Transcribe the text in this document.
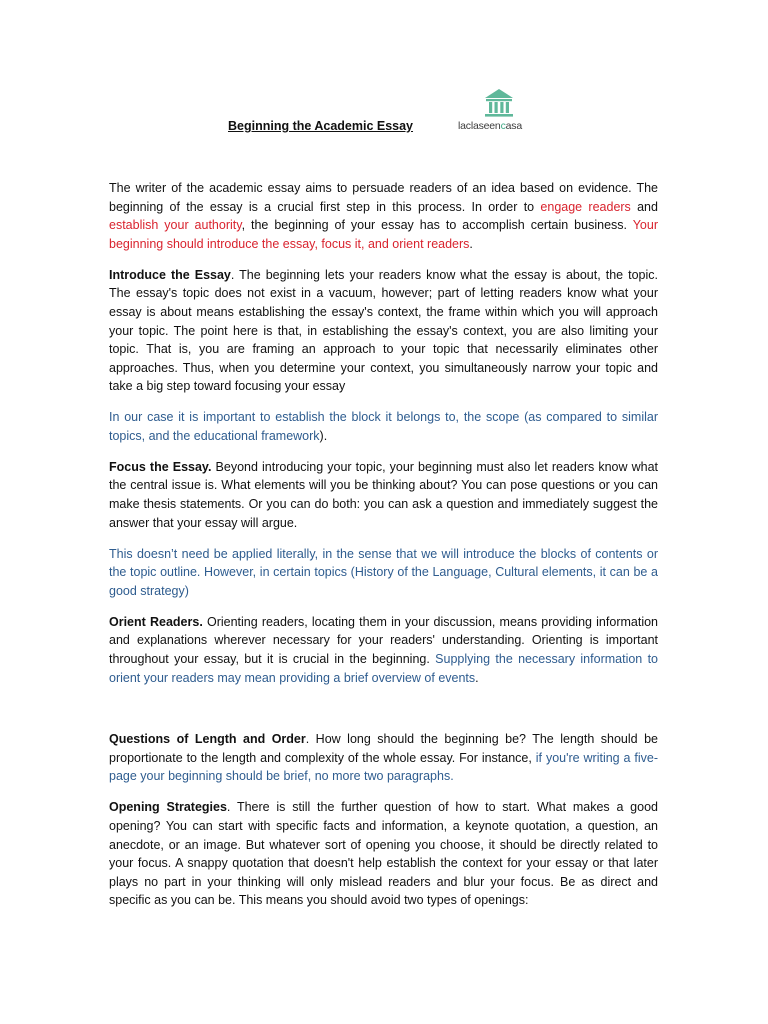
Beginning the Academic Essay	laclaseencasa

The writer of the academic essay aims to persuade readers of an idea based on evidence. The beginning of the essay is a crucial first step in this process. In order to engage readers and establish your authority, the beginning of your essay has to accomplish certain business. Your beginning should introduce the essay, focus it, and orient readers.

Introduce the Essay. The beginning lets your readers know what the essay is about, the topic. The essay's topic does not exist in a vacuum, however; part of letting readers know what your essay is about means establishing the essay's context, the frame within which you will approach your topic. The point here is that, in establishing the essay's context, you are also limiting your topic. That is, you are framing an approach to your topic that necessarily eliminates other approaches. Thus, when you determine your context, you simultaneously narrow your topic and take a big step toward focusing your essay

In our case it is important to establish the block it belongs to, the scope (as compared to similar topics, and the educational framework).

Focus the Essay. Beyond introducing your topic, your beginning must also let readers know what the central issue is. What elements will you be thinking about? You can pose questions or you can make thesis statements. Or you can do both: you can ask a question and immediately suggest the answer that your essay will argue.

This doesn’t need be applied literally, in the sense that we will introduce the blocks of contents or the topic outline. However, in certain topics (History of the Language, Cultural elements, it can be a good strategy)

Orient Readers. Orienting readers, locating them in your discussion, means providing information and explanations wherever necessary for your readers' understanding. Orienting is important throughout your essay, but it is crucial in the beginning. Supplying the necessary information to orient your readers may mean providing a brief overview of events.

Questions of Length and Order. How long should the beginning be? The length should be proportionate to the length and complexity of the whole essay. For instance, if you're writing a five-page your beginning should be brief, no more two paragraphs.

Opening Strategies. There is still the further question of how to start. What makes a good opening? You can start with specific facts and information, a keynote quotation, a question, an anecdote, or an image. But whatever sort of opening you choose, it should be directly related to your focus. A snappy quotation that doesn't help establish the context for your essay or that later plays no part in your thinking will only mislead readers and blur your focus. Be as direct and specific as you can be. This means you should avoid two types of openings:
